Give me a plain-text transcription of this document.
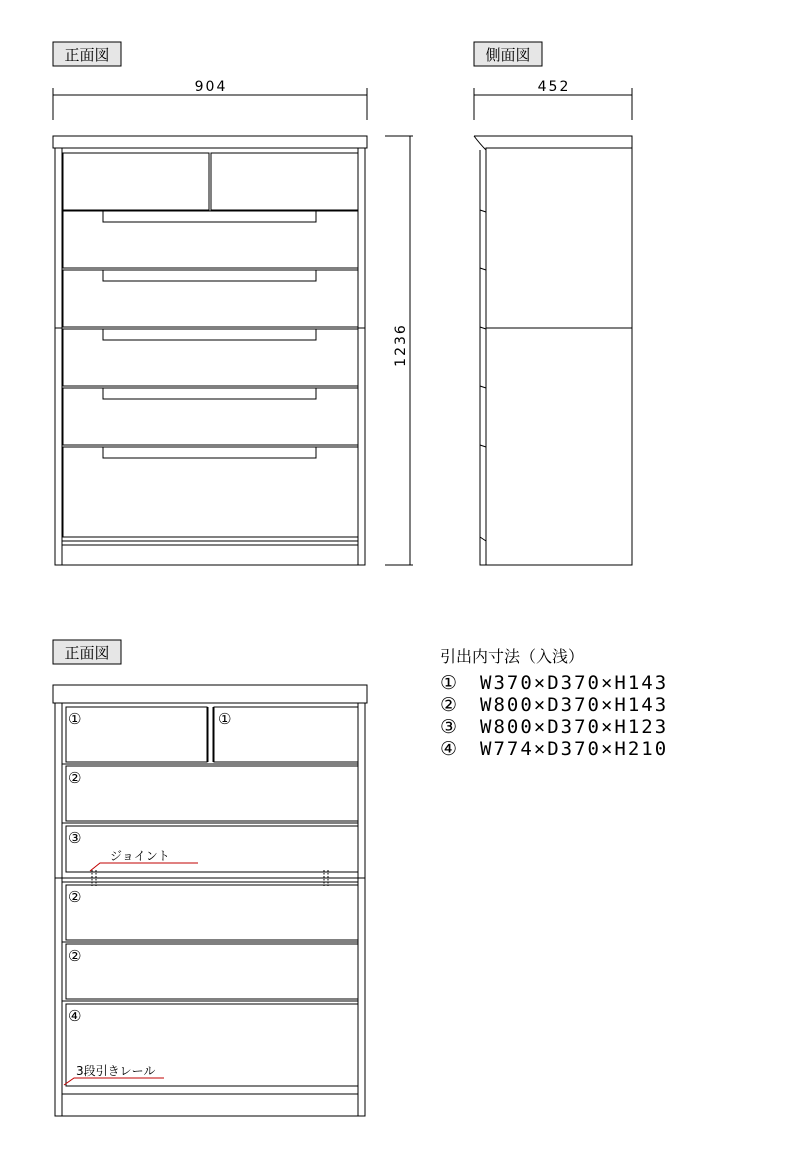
正面図	側面図
正面図
904	452
1236
①	①
②
③
②
②
④
ジョイント
3段引きレール
引出内寸法（入浅）
① W370×D370×H143
② W800×D370×H143
③ W800×D370×H123
④ W774×D370×H210
